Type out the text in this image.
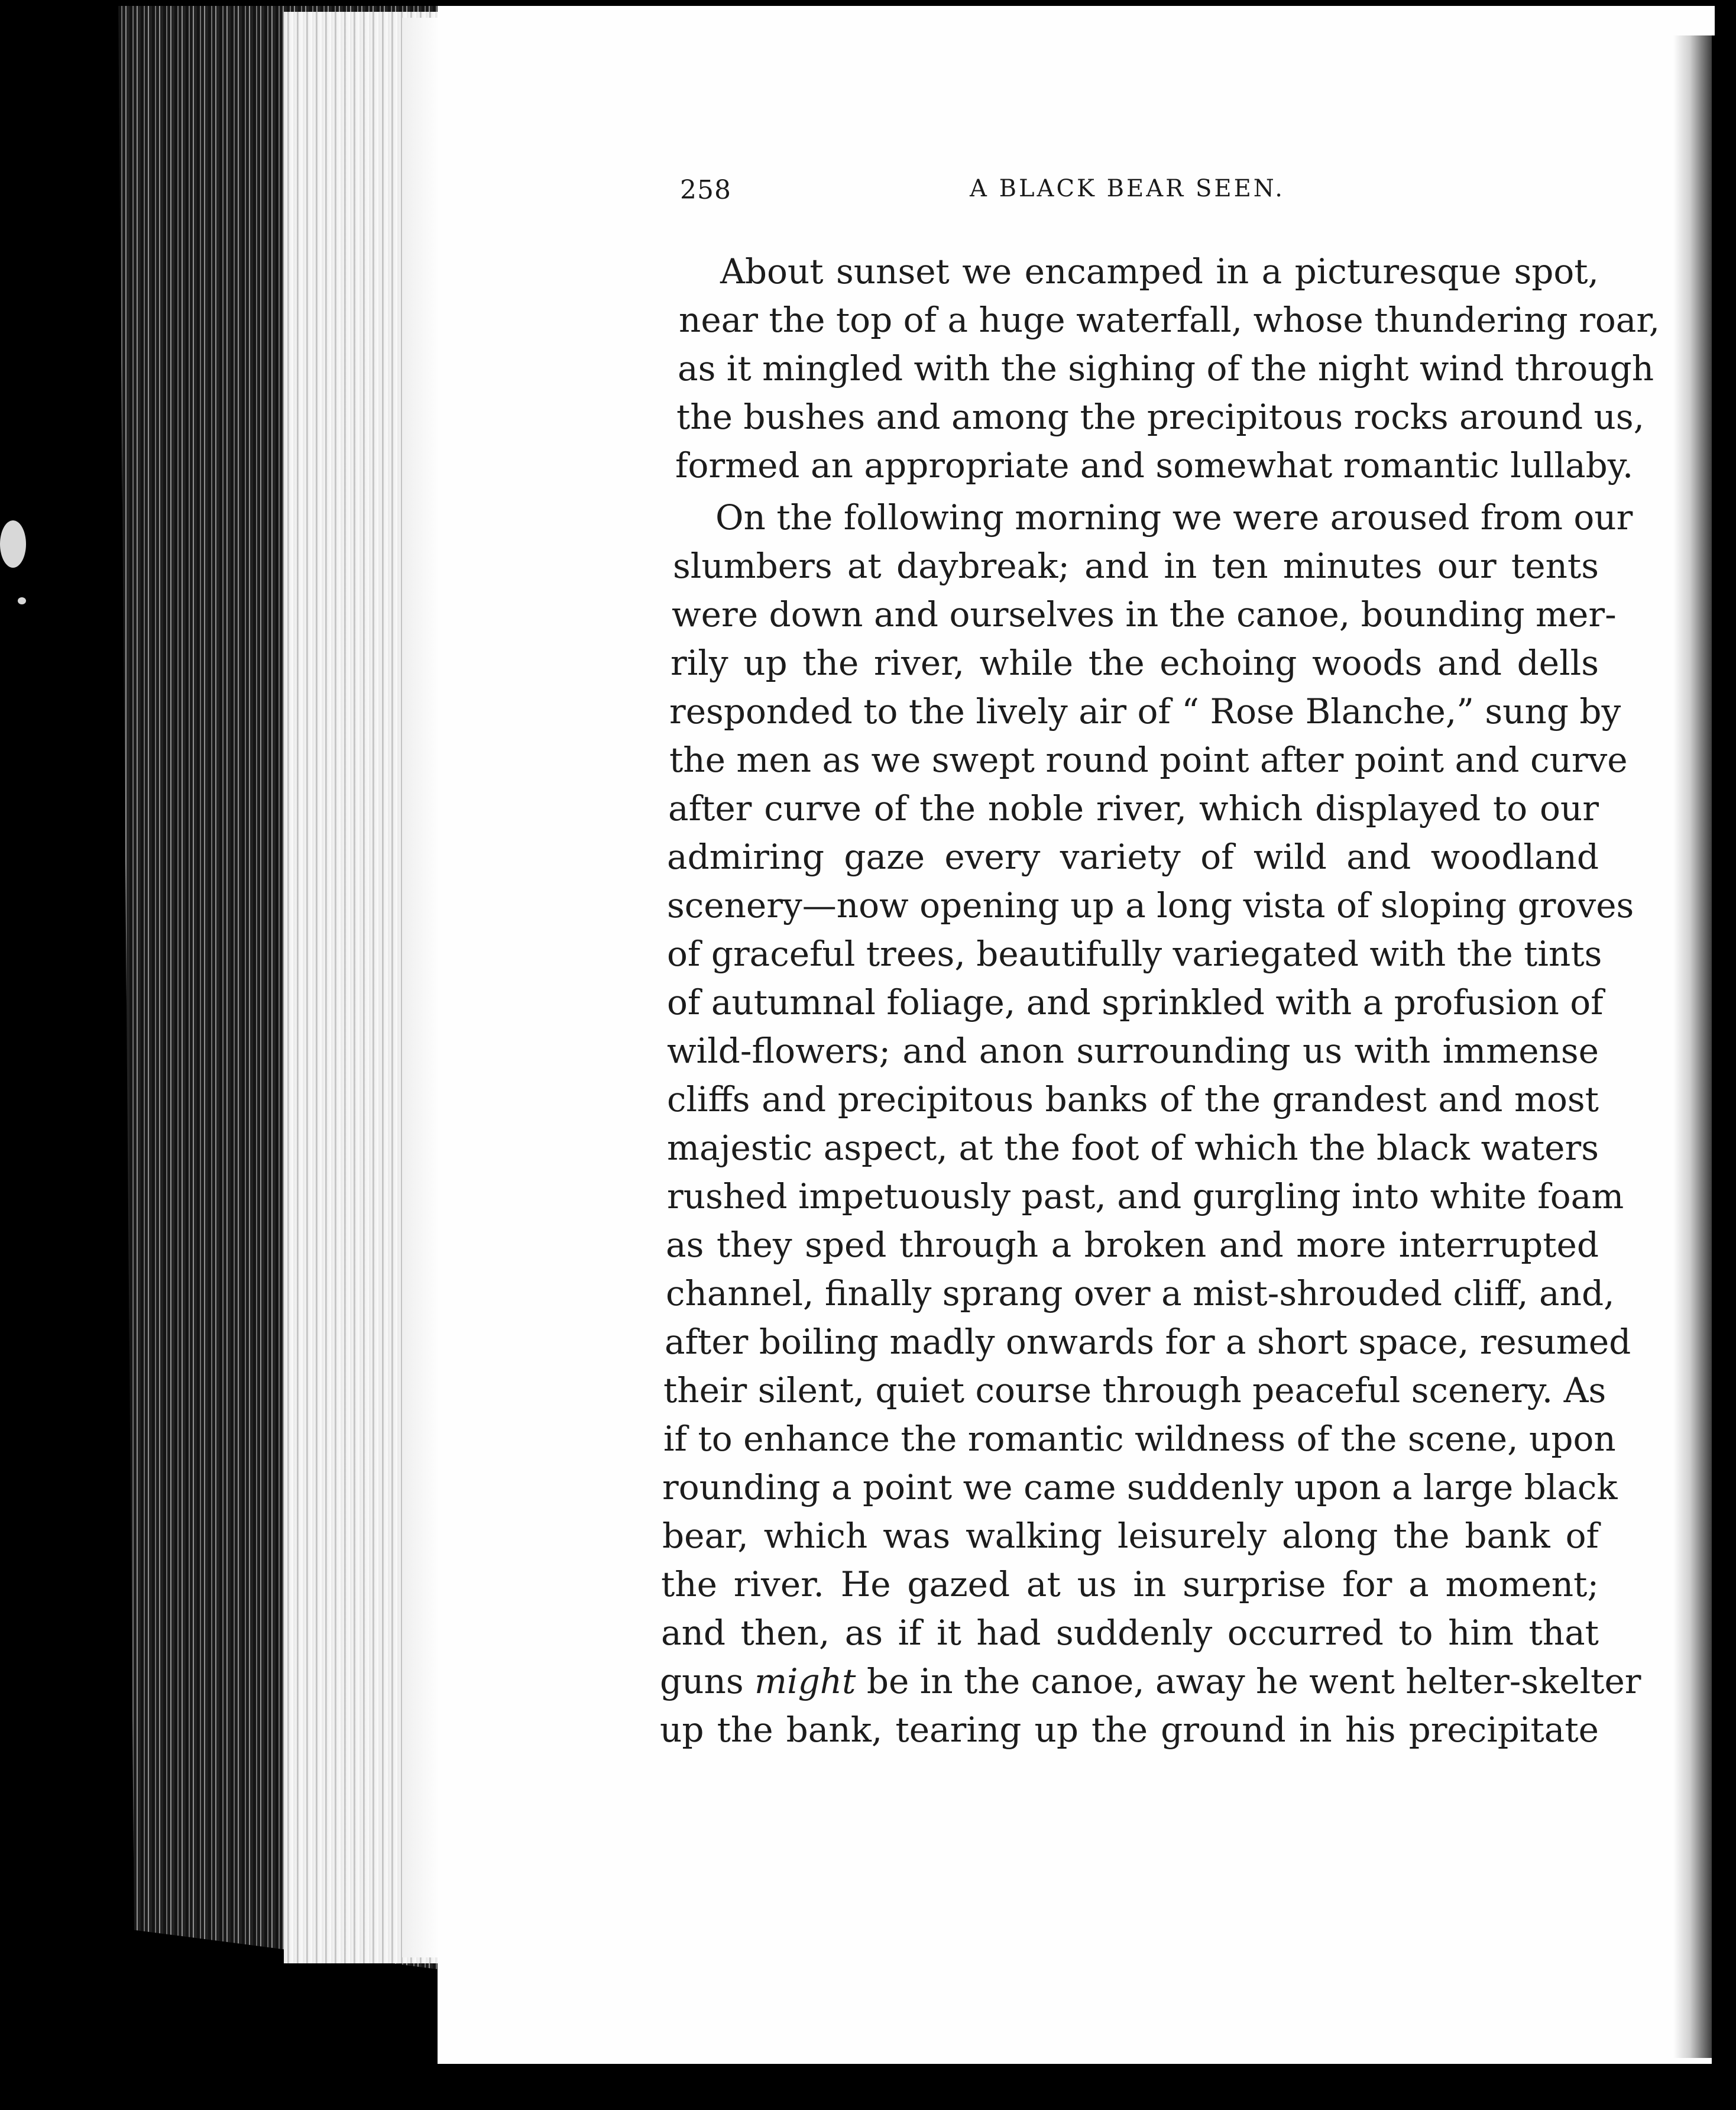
258	A BLACK BEAR SEEN.
About sunset we encamped in a picturesque spot,
near the top of a huge waterfall, whose thundering roar,
as it mingled with the sighing of the night wind through
the bushes and among the precipitous rocks around us,
formed an appropriate and somewhat romantic lullaby.
On the following morning we were aroused from our
slumbers at daybreak; and in ten minutes our tents
were down and ourselves in the canoe, bounding mer-
rily up the river, while the echoing woods and dells
responded to the lively air of “ Rose Blanche,” sung by
the men as we swept round point after point and curve
after curve of the noble river, which displayed to our
admiring gaze every variety of wild and woodland
scenery—now opening up a long vista of sloping groves
of graceful trees, beautifully variegated with the tints
of autumnal foliage, and sprinkled with a profusion of
wild-flowers; and anon surrounding us with immense
cliffs and precipitous banks of the grandest and most
majestic aspect, at the foot of which the black waters
rushed impetuously past, and gurgling into white foam
as they sped through a broken and more interrupted
channel, finally sprang over a mist-shrouded cliff, and,
after boiling madly onwards for a short space, resumed
their silent, quiet course through peaceful scenery. As
if to enhance the romantic wildness of the scene, upon
rounding a point we came suddenly upon a large black
bear, which was walking leisurely along the bank of
the river. He gazed at us in surprise for a moment;
and then, as if it had suddenly occurred to him that
guns might be in the canoe, away he went helter-skelter
up the bank, tearing up the ground in his precipitate
